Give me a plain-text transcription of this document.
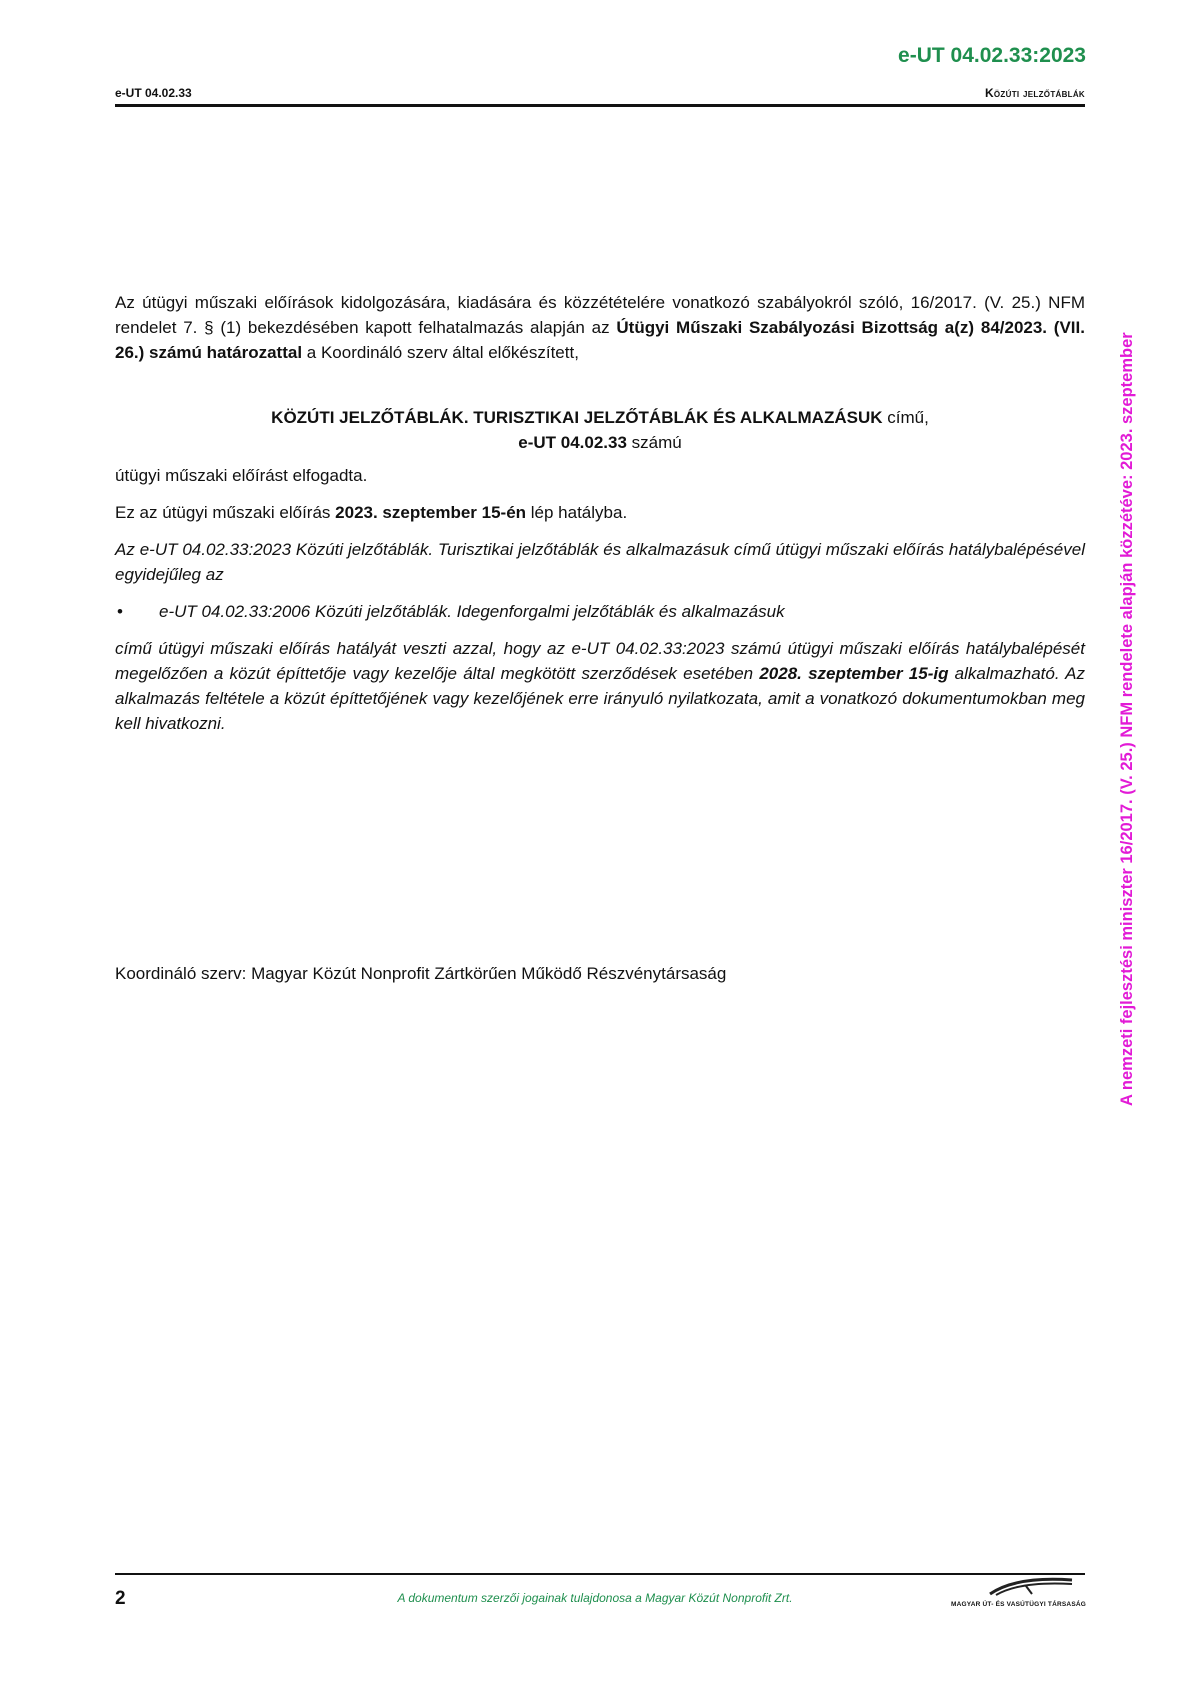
e-UT 04.02.33:2023
e-UT 04.02.33	Közúti jelzőtáblák
A nemzeti fejlesztési miniszter 16/2017. (V. 25.) NFM rendelete alapján közzétéve: 2023. szeptember

Az útügyi műszaki előírások kidolgozására, kiadására és közzétételére vonatkozó szabályokról szóló, 16/2017. (V. 25.) NFM rendelet 7. § (1) bekezdésében kapott felhatalmazás alapján az Útügyi Műszaki Szabályozási Bizottság a(z) 84/2023. (VII. 26.) számú határozattal a Koordináló szerv által előkészített,

KÖZÚTI JELZŐTÁBLÁK. TURISZTIKAI JELZŐTÁBLÁK ÉS ALKALMAZÁSUK című,
e-UT 04.02.33 számú

útügyi műszaki előírást elfogadta.

Ez az útügyi műszaki előírás 2023. szeptember 15-én lép hatályba.

Az e-UT 04.02.33:2023 Közúti jelzőtáblák. Turisztikai jelzőtáblák és alkalmazásuk című útügyi műszaki előírás hatálybalépésével egyidejűleg az

• e-UT 04.02.33:2006 Közúti jelzőtáblák. Idegenforgalmi jelzőtáblák és alkalmazásuk

című útügyi műszaki előírás hatályát veszti azzal, hogy az e-UT 04.02.33:2023 számú útügyi műszaki előírás hatálybalépését megelőzően a közút építtetője vagy kezelője által megkötött szerződések esetében 2028. szeptember 15-ig alkalmazható. Az alkalmazás feltétele a közút építtetőjének vagy kezelőjének erre irányuló nyilatkozata, amit a vonatkozó dokumentumokban meg kell hivatkozni.

Koordináló szerv: Magyar Közút Nonprofit Zártkörűen Működő Részvénytársaság
2	A dokumentum szerzői jogainak tulajdonosa a Magyar Közút Nonprofit Zrt.	MAGYAR ÚT- ÉS VASÚTÜGYI TÁRSASÁG
